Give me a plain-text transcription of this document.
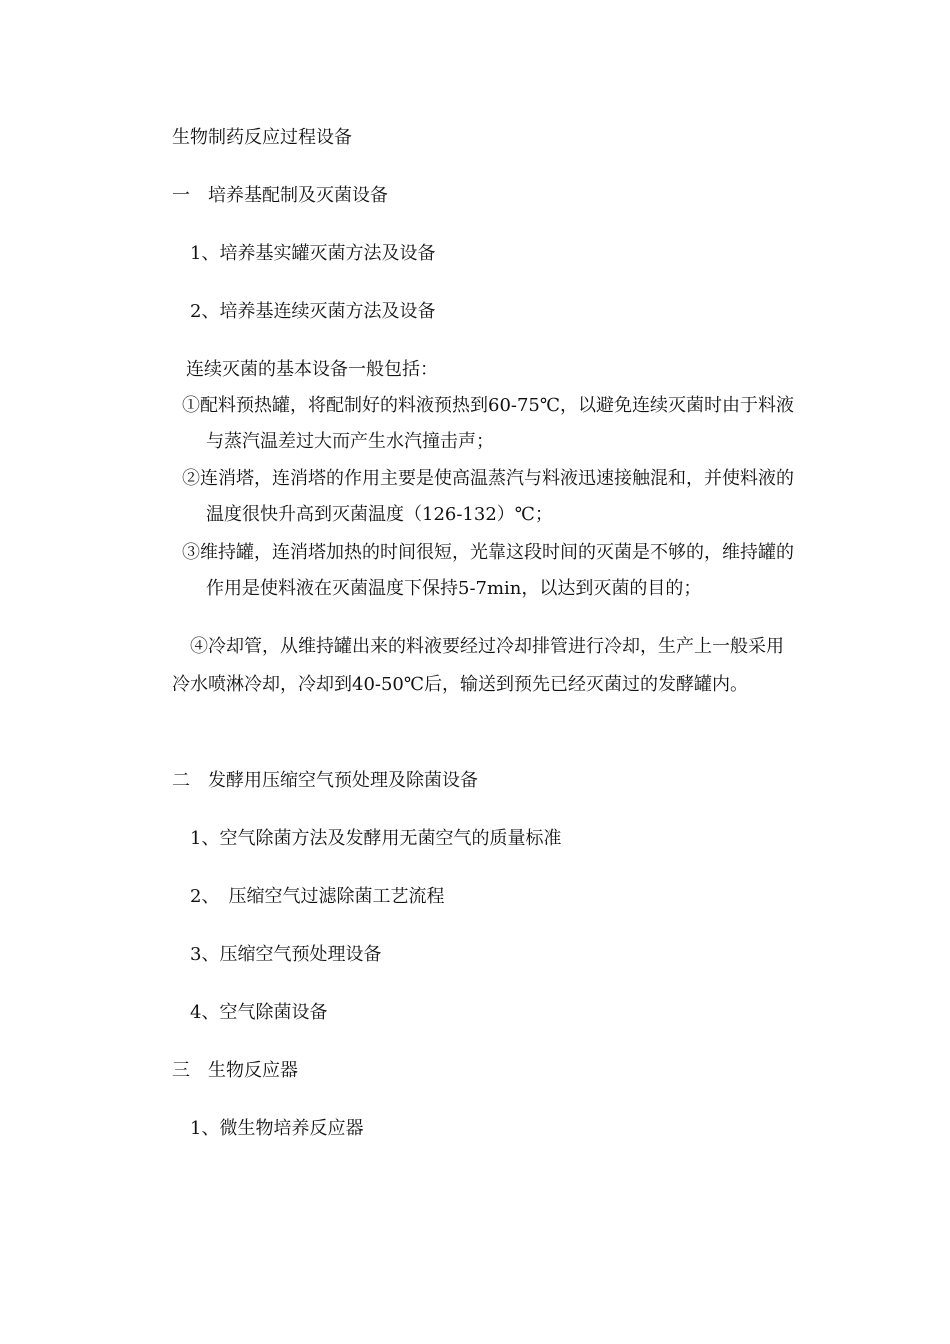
生物制药反应过程设备

一　培养基配制及灭菌设备

1、培养基实罐灭菌方法及设备

2、培养基连续灭菌方法及设备

连续灭菌的基本设备一般包括：

①配料预热罐，将配制好的料液预热到60-75℃，以避免连续灭菌时由于料液与蒸汽温差过大而产生水汽撞击声；

②连消塔，连消塔的作用主要是使高温蒸汽与料液迅速接触混和，并使料液的温度很快升高到灭菌温度（126-132）℃；

③维持罐，连消塔加热的时间很短，光靠这段时间的灭菌是不够的，维持罐的作用是使料液在灭菌温度下保持5-7min，以达到灭菌的目的；

④冷却管，从维持罐出来的料液要经过冷却排管进行冷却，生产上一般采用冷水喷淋冷却，冷却到40-50℃后，输送到预先已经灭菌过的发酵罐内。

二　发酵用压缩空气预处理及除菌设备

1、空气除菌方法及发酵用无菌空气的质量标准

2、　压缩空气过滤除菌工艺流程

3、压缩空气预处理设备

4、空气除菌设备

三　生物反应器

1、微生物培养反应器
